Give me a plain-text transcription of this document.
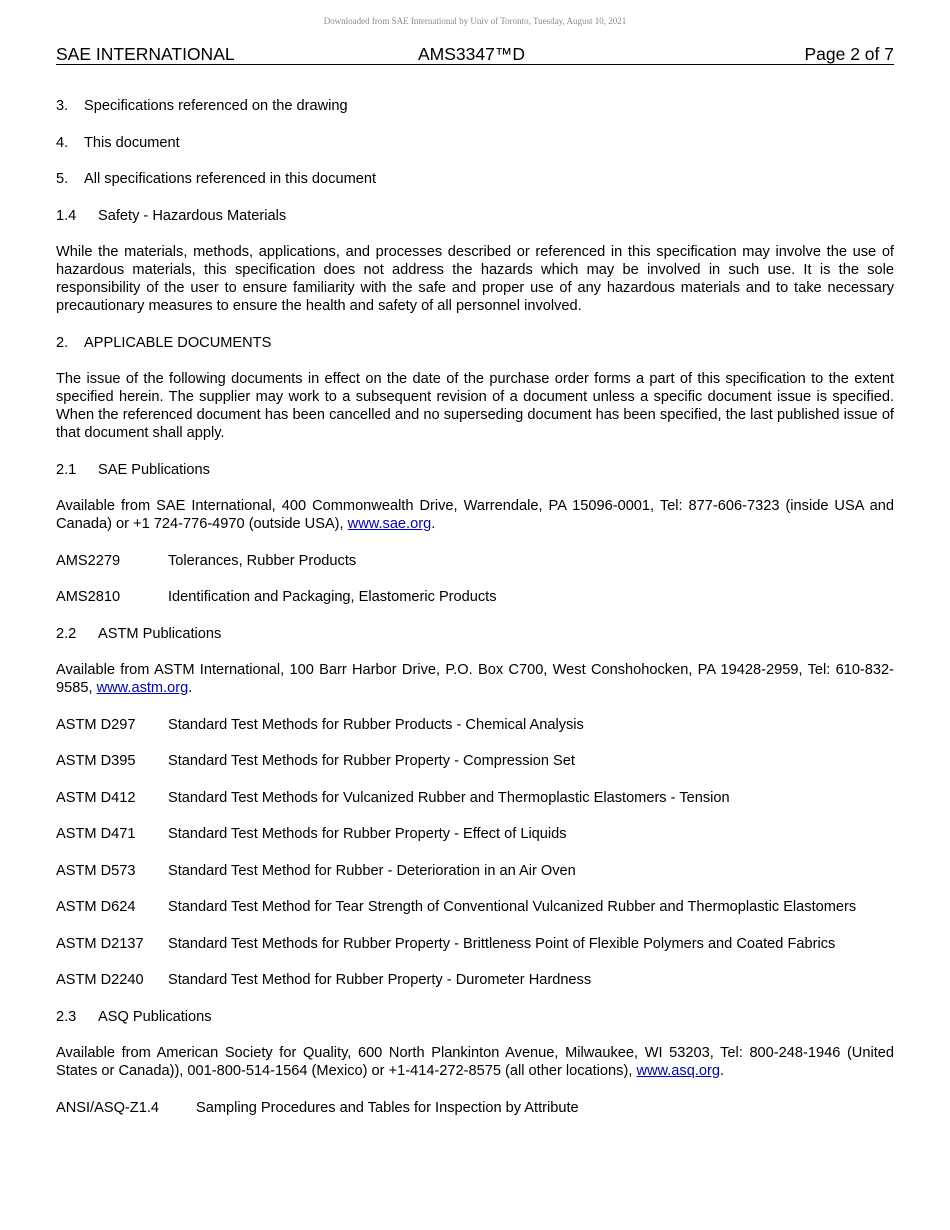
Downloaded from SAE International by Univ of Toronto, Tuesday, August 10, 2021
SAE INTERNATIONAL	AMS3347™D	Page 2 of 7
3. Specifications referenced on the drawing
4. This document
5. All specifications referenced in this document
1.4 Safety - Hazardous Materials
While the materials, methods, applications, and processes described or referenced in this specification may involve the use of hazardous materials, this specification does not address the hazards which may be involved in such use. It is the sole responsibility of the user to ensure familiarity with the safe and proper use of any hazardous materials and to take necessary precautionary measures to ensure the health and safety of all personnel involved.
2. APPLICABLE DOCUMENTS
The issue of the following documents in effect on the date of the purchase order forms a part of this specification to the extent specified herein. The supplier may work to a subsequent revision of a document unless a specific document issue is specified. When the referenced document has been cancelled and no superseding document has been specified, the last published issue of that document shall apply.
2.1 SAE Publications
Available from SAE International, 400 Commonwealth Drive, Warrendale, PA 15096-0001, Tel: 877-606-7323 (inside USA and Canada) or +1 724-776-4970 (outside USA), www.sae.org.
AMS2279	Tolerances, Rubber Products
AMS2810	Identification and Packaging, Elastomeric Products
2.2 ASTM Publications
Available from ASTM International, 100 Barr Harbor Drive, P.O. Box C700, West Conshohocken, PA 19428-2959, Tel: 610-832-9585, www.astm.org.
ASTM D297 Standard Test Methods for Rubber Products - Chemical Analysis
ASTM D395 Standard Test Methods for Rubber Property - Compression Set
ASTM D412 Standard Test Methods for Vulcanized Rubber and Thermoplastic Elastomers - Tension
ASTM D471 Standard Test Methods for Rubber Property - Effect of Liquids
ASTM D573 Standard Test Method for Rubber - Deterioration in an Air Oven
ASTM D624 Standard Test Method for Tear Strength of Conventional Vulcanized Rubber and Thermoplastic Elastomers
ASTM D2137 Standard Test Methods for Rubber Property - Brittleness Point of Flexible Polymers and Coated Fabrics
ASTM D2240 Standard Test Method for Rubber Property - Durometer Hardness
2.3 ASQ Publications
Available from American Society for Quality, 600 North Plankinton Avenue, Milwaukee, WI 53203, Tel: 800-248-1946 (United States or Canada)), 001-800-514-1564 (Mexico) or +1-414-272-8575 (all other locations), www.asq.org.
ANSI/ASQ-Z1.4	Sampling Procedures and Tables for Inspection by Attribute
